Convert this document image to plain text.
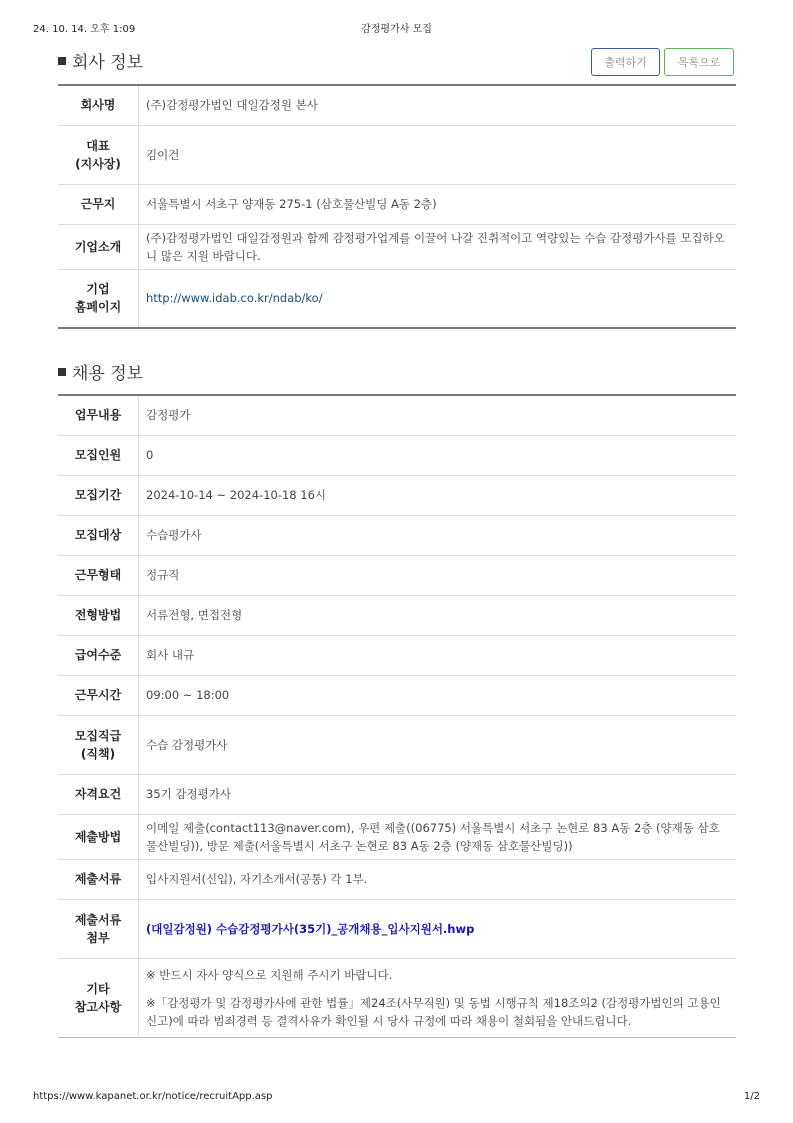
24. 10. 14. 오후 1:09	감정평가사 모집
회사 정보	출력하기	목록으로
회사명	(주)감정평가법인 대일감정원 본사
대표
(지사장)	김이건
근무지	서울특별시 서초구 양재동 275-1 (삼호물산빌딩 A동 2층)
기업소개	(주)감정평가법인 대일감정원과 함께 감정평가업계를 이끌어 나갈 진취적이고 역량있는 수습 감정평가사를 모집하오니 많은 지원 바랍니다.
기업
홈페이지	http://www.idab.co.kr/ndab/ko/
채용 정보
업무내용	감정평가
모집인원	0
모집기간	2024-10-14 ~ 2024-10-18 16시
모집대상	수습평가사
근무형태	정규직
전형방법	서류전형, 면접전형
급여수준	회사 내규
근무시간	09:00 ~ 18:00
모집직급
(직책)	수습 감정평가사
자격요건	35기 감정평가사
제출방법	이메일 제출(contact113@naver.com), 우편 제출((06775) 서울특별시 서초구 논현로 83 A동 2층 (양재동 삼호물산빌딩)), 방문 제출(서울특별시 서초구 논현로 83 A동 2층 (양재동 삼호물산빌딩))
제출서류	입사지원서(신입), 자기소개서(공통) 각 1부.
제출서류
첨부	(대일감정원) 수습감정평가사(35기)_공개채용_입사지원서.hwp
기타
참고사항	※ 반드시 자사 양식으로 지원해 주시기 바랍니다.
※「감정평가 및 감정평가사에 관한 법률」제24조(사무직원) 및 동법 시행규칙 제18조의2 (감정평가법인의 고용인 신고)에 따라 범죄경력 등 결격사유가 확인될 시 당사 규정에 따라 채용이 철회됨을 안내드립니다.
https://www.kapanet.or.kr/notice/recruitApp.asp	1/2
